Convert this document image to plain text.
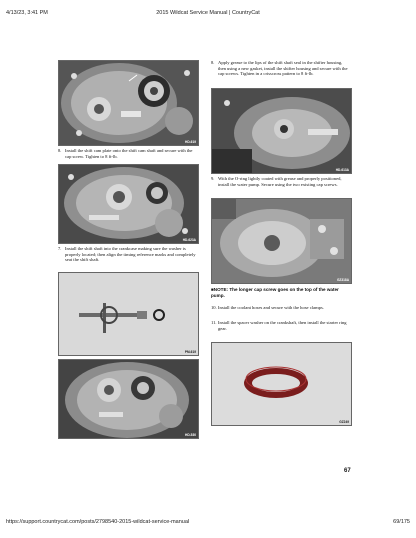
4/13/23, 3:41 PM	2015 Wildcat Service Manual | CountryCat
HD-619
8. Install the shift cam plate onto the shift cam shaft and secure with the cap screw. Tighten to 8 ft-lb.
HD-623A
7. Install the shift shaft into the crankcase making sure the washer is properly located; then align the timing reference marks and completely seat the shift shaft.
PM-619
HD-530
8. Apply grease to the lips of the shift shaft seal in the shifter housing, then using a new gasket, install the shifter housing and secure with the cap screws. Tighten in a crisscross pattern to 8 ft-lb.
HD-613A
9. With the O-ring lightly coated with grease and properly positioned, install the water pump. Secure using the two existing cap screws.
GZ318A
■NOTE: The longer cap screw goes on the top of the water pump.
10. Install the coolant hoses and secure with the hose clamps.
11. Install the spacer washer on the crankshaft, then install the starter ring gear.
GZ249
67
https://support.countrycat.com/posts/2798540-2015-wildcat-service-manual	69/175
